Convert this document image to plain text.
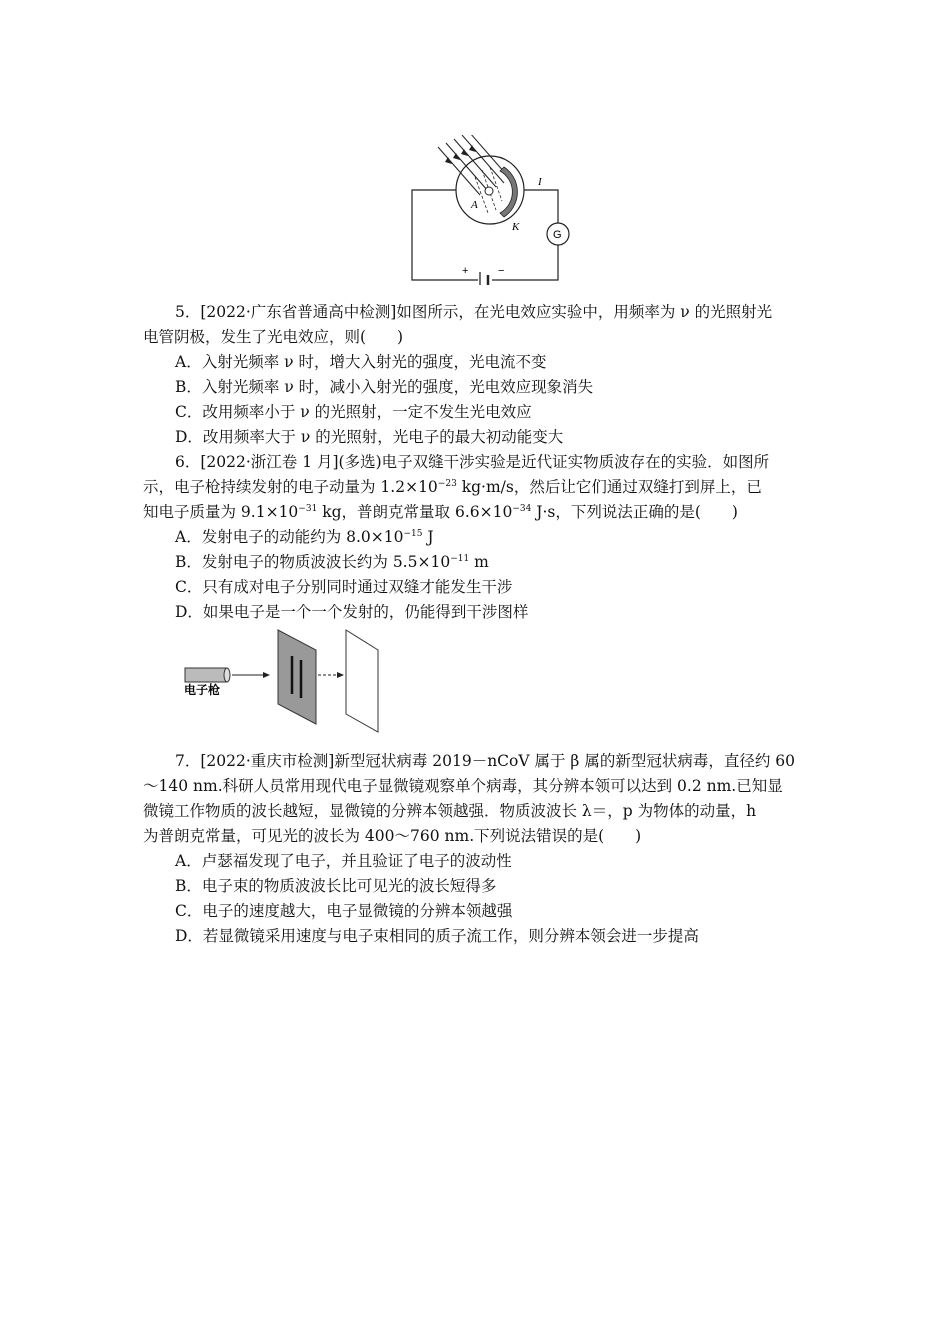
A
K
I
G
+	−
5．[2022·广东省普通高中检测]如图所示，在光电效应实验中，用频率为 ν 的光照射光
电管阴极，发生了光电效应，则(　　)
A．入射光频率 ν 时，增大入射光的强度，光电流不变
B．入射光频率 ν 时，减小入射光的强度，光电效应现象消失
C．改用频率小于 ν 的光照射，一定不发生光电效应
D．改用频率大于 ν 的光照射，光电子的最大初动能变大
6．[2022·浙江卷 1 月](多选)电子双缝干涉实验是近代证实物质波存在的实验．如图所
示，电子枪持续发射的电子动量为 $1.2\times 10^{-23}$ kg·m/s，然后让它们通过双缝打到屏上，已
知电子质量为 $9.1\times 10^{-31}$ kg，普朗克常量取 $6.6\times 10^{-34}$ J·s，下列说法正确的是(　　)
A．发射电子的动能约为 $8.0\times 10^{-15}$ J
B．发射电子的物质波波长约为 $5.5\times 10^{-11}$ m
C．只有成对电子分别同时通过双缝才能发生干涉
D．如果电子是一个一个发射的，仍能得到干涉图样
电子枪
7．[2022·重庆市检测]新型冠状病毒 2019－nCoV 属于 β 属的新型冠状病毒，直径约 60
～140 nm.科研人员常用现代电子显微镜观察单个病毒，其分辨本领可以达到 0.2 nm.已知显
微镜工作物质的波长越短，显微镜的分辨本领越强．物质波波长 λ＝，p 为物体的动量，h
为普朗克常量，可见光的波长为 400～760 nm.下列说法错误的是(　　)
A．卢瑟福发现了电子，并且验证了电子的波动性
B．电子束的物质波波长比可见光的波长短得多
C．电子的速度越大，电子显微镜的分辨本领越强
D．若显微镜采用速度与电子束相同的质子流工作，则分辨本领会进一步提高
